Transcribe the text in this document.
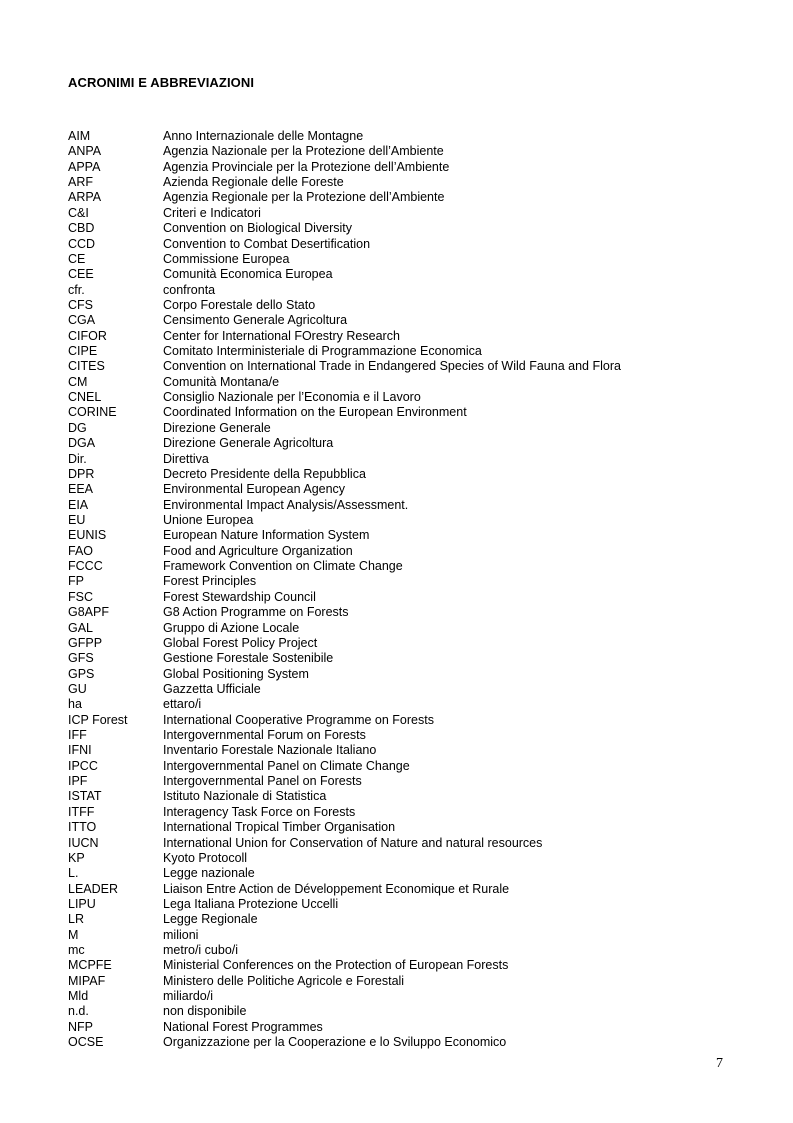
ACRONIMI E ABBREVIAZIONI
AIM	Anno Internazionale delle Montagne
ANPA	Agenzia Nazionale per la Protezione dell’Ambiente
APPA	Agenzia Provinciale per la Protezione dell’Ambiente
ARF	Azienda Regionale delle Foreste
ARPA	Agenzia Regionale per la Protezione dell’Ambiente
C&I	Criteri e Indicatori
CBD	Convention on Biological Diversity
CCD	Convention to Combat Desertification
CE	Commissione Europea
CEE	Comunità Economica Europea
cfr.	confronta
CFS	Corpo Forestale dello Stato
CGA	Censimento Generale Agricoltura
CIFOR	Center for International FOrestry Research
CIPE	Comitato Interministeriale di Programmazione Economica
CITES	Convention on International Trade in Endangered Species of Wild Fauna and Flora
CM	Comunità Montana/e
CNEL	Consiglio Nazionale per l’Economia e il Lavoro
CORINE	Coordinated Information on the European Environment
DG	Direzione Generale
DGA	Direzione Generale Agricoltura
Dir.	Direttiva
DPR	Decreto Presidente della Repubblica
EEA	Environmental European Agency
EIA	Environmental Impact Analysis/Assessment.
EU	Unione Europea
EUNIS	European Nature Information System
FAO	Food and Agriculture Organization
FCCC	Framework Convention on Climate Change
FP	Forest Principles
FSC	Forest Stewardship Council
G8APF	G8 Action Programme on Forests
GAL	Gruppo di Azione Locale
GFPP	Global Forest Policy Project
GFS	Gestione Forestale Sostenibile
GPS	Global Positioning System
GU	Gazzetta Ufficiale
ha	ettaro/i
ICP Forest	International Cooperative Programme on Forests
IFF	Intergovernmental Forum on Forests
IFNI	Inventario Forestale Nazionale Italiano
IPCC	Intergovernmental Panel on Climate Change
IPF	Intergovernmental Panel on Forests
ISTAT	Istituto Nazionale di Statistica
ITFF	Interagency Task Force on Forests
ITTO	International Tropical Timber Organisation
IUCN	International Union for Conservation of Nature and natural resources
KP	Kyoto Protocoll
L.	Legge nazionale
LEADER	Liaison Entre Action de Développement Economique et Rurale
LIPU	Lega Italiana Protezione Uccelli
LR	Legge Regionale
M	milioni
mc	metro/i cubo/i
MCPFE	Ministerial Conferences on the Protection of European Forests
MIPAF	Ministero delle Politiche Agricole e Forestali
Mld	miliardo/i
n.d.	non disponibile
NFP	National Forest Programmes
OCSE	Organizzazione per la Cooperazione e lo Sviluppo Economico
7
